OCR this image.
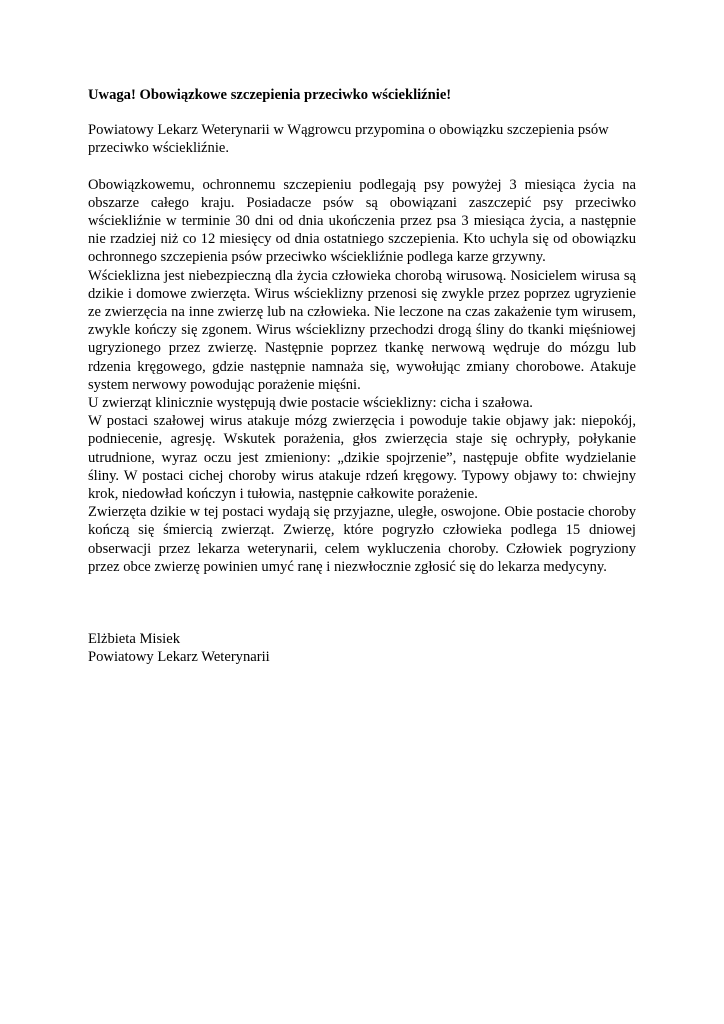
Uwaga! Obowiązkowe szczepienia przeciwko wściekliźnie!

Powiatowy Lekarz Weterynarii w Wągrowcu przypomina o obowiązku szczepienia psów przeciwko wściekliźnie.

Obowiązkowemu, ochronnemu szczepieniu podlegają psy powyżej 3 miesiąca życia na obszarze całego kraju. Posiadacze psów są obowiązani zaszczepić psy przeciwko wściekliźnie w terminie 30 dni od dnia ukończenia przez psa 3 miesiąca życia, a następnie nie rzadziej niż co 12 miesięcy od dnia ostatniego szczepienia. Kto uchyla się od obowiązku ochronnego szczepienia psów przeciwko wściekliźnie podlega karze grzywny.

Wścieklizna jest niebezpieczną dla życia człowieka chorobą wirusową. Nosicielem wirusa są dzikie i domowe zwierzęta. Wirus wścieklizny przenosi się zwykle przez poprzez ugryzienie ze zwierzęcia na inne zwierzę lub na człowieka. Nie leczone na czas zakażenie tym wirusem, zwykle kończy się zgonem. Wirus wścieklizny przechodzi drogą śliny do tkanki mięśniowej ugryzionego przez zwierzę. Następnie poprzez tkankę nerwową wędruje do mózgu lub rdzenia kręgowego, gdzie następnie namnaża się, wywołując zmiany chorobowe. Atakuje system nerwowy powodując porażenie mięśni.

U zwierząt klinicznie występują dwie postacie wścieklizny: cicha i szałowa.

W postaci szałowej wirus atakuje mózg zwierzęcia i powoduje takie objawy jak: niepokój, podniecenie, agresję. Wskutek porażenia, głos zwierzęcia staje się ochrypły, połykanie utrudnione, wyraz oczu jest zmieniony: „dzikie spojrzenie”, następuje obfite wydzielanie śliny. W postaci cichej choroby wirus atakuje rdzeń kręgowy. Typowy objawy to: chwiejny krok, niedowład kończyn i tułowia, następnie całkowite porażenie.

Zwierzęta dzikie w tej postaci wydają się przyjazne, uległe, oswojone. Obie postacie choroby kończą się śmiercią zwierząt. Zwierzę, które pogryzło człowieka podlega 15 dniowej obserwacji przez lekarza weterynarii, celem wykluczenia choroby. Człowiek pogryziony przez obce zwierzę powinien umyć ranę i niezwłocznie zgłosić się do lekarza medycyny.

Elżbieta Misiek

Powiatowy Lekarz Weterynarii
